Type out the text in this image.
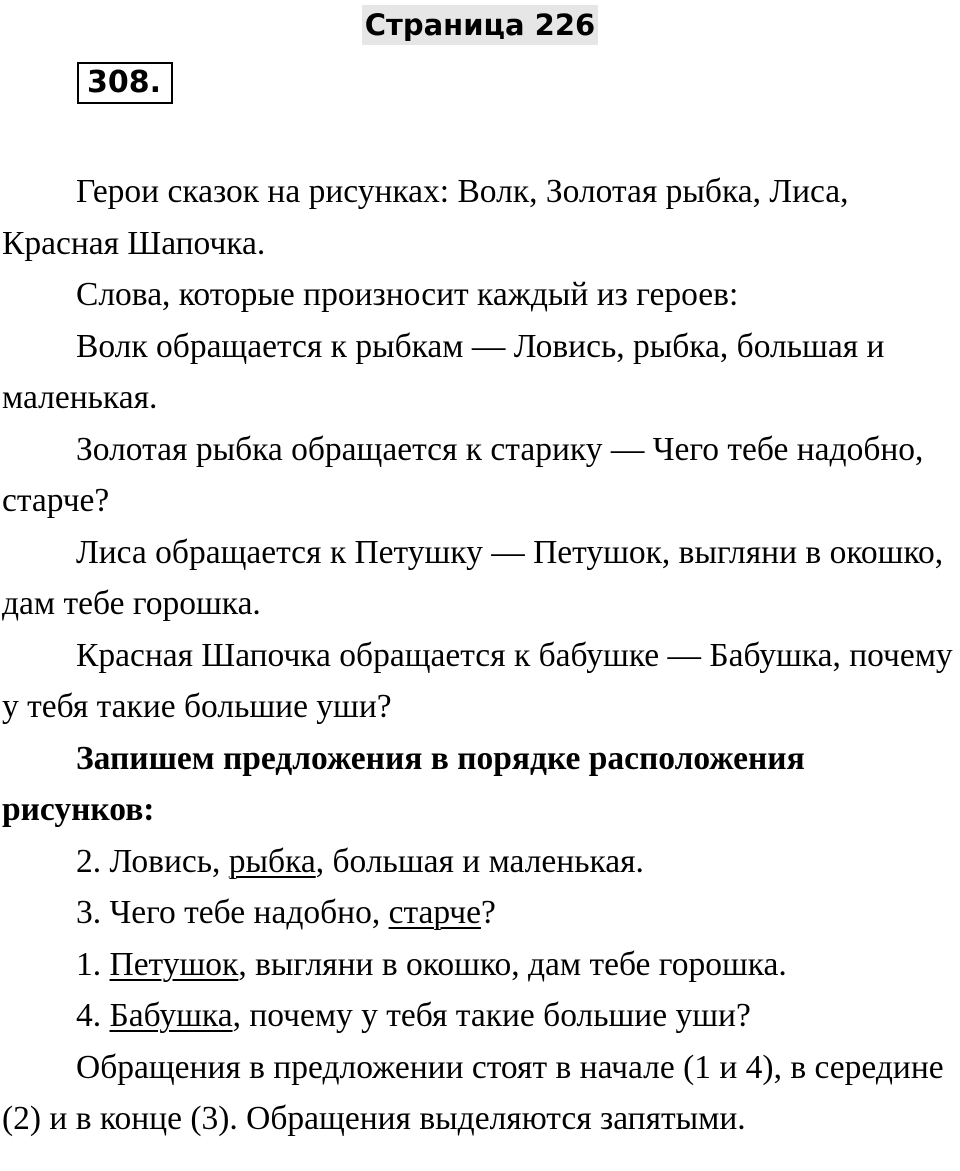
Страница 226
308.

Герои сказок на рисунках: Волк, Золотая рыбка, Лиса, Красная Шапочка.

Слова, которые произносит каждый из героев:

Волк обращается к рыбкам — Ловись, рыбка, большая и маленькая.

Золотая рыбка обращается к старику — Чего тебе надобно, старче?

Лиса обращается к Петушку — Петушок, выгляни в окошко, дам тебе горошка.

Красная Шапочка обращается к бабушке — Бабушка, почему у тебя такие большие уши?

Запишем предложения в порядке расположения рисунков:

2. Ловись, рыбка, большая и маленькая.

3. Чего тебе надобно, старче?

1. Петушок, выгляни в окошко, дам тебе горошка.

4. Бабушка, почему у тебя такие большие уши?

Обращения в предложении стоят в начале (1 и 4), в середине (2) и в конце (3). Обращения выделяются запятыми.
